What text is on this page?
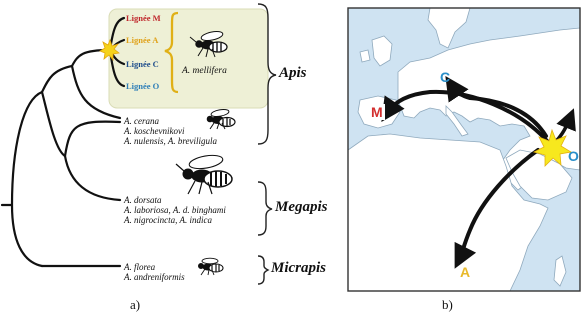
Lignée M
Lignée A
Lignée C
Lignée O
A. mellifera
A. cerana
A. koschevnikovi
A. nulensis, A. breviligula
A. dorsata
A. laboriosa, A. d. binghami
A. nigrocincta, A. indica
A. florea
A. andreniformis
Apis
Megapis
Micrapis
a)
M
C
O
A
b)
